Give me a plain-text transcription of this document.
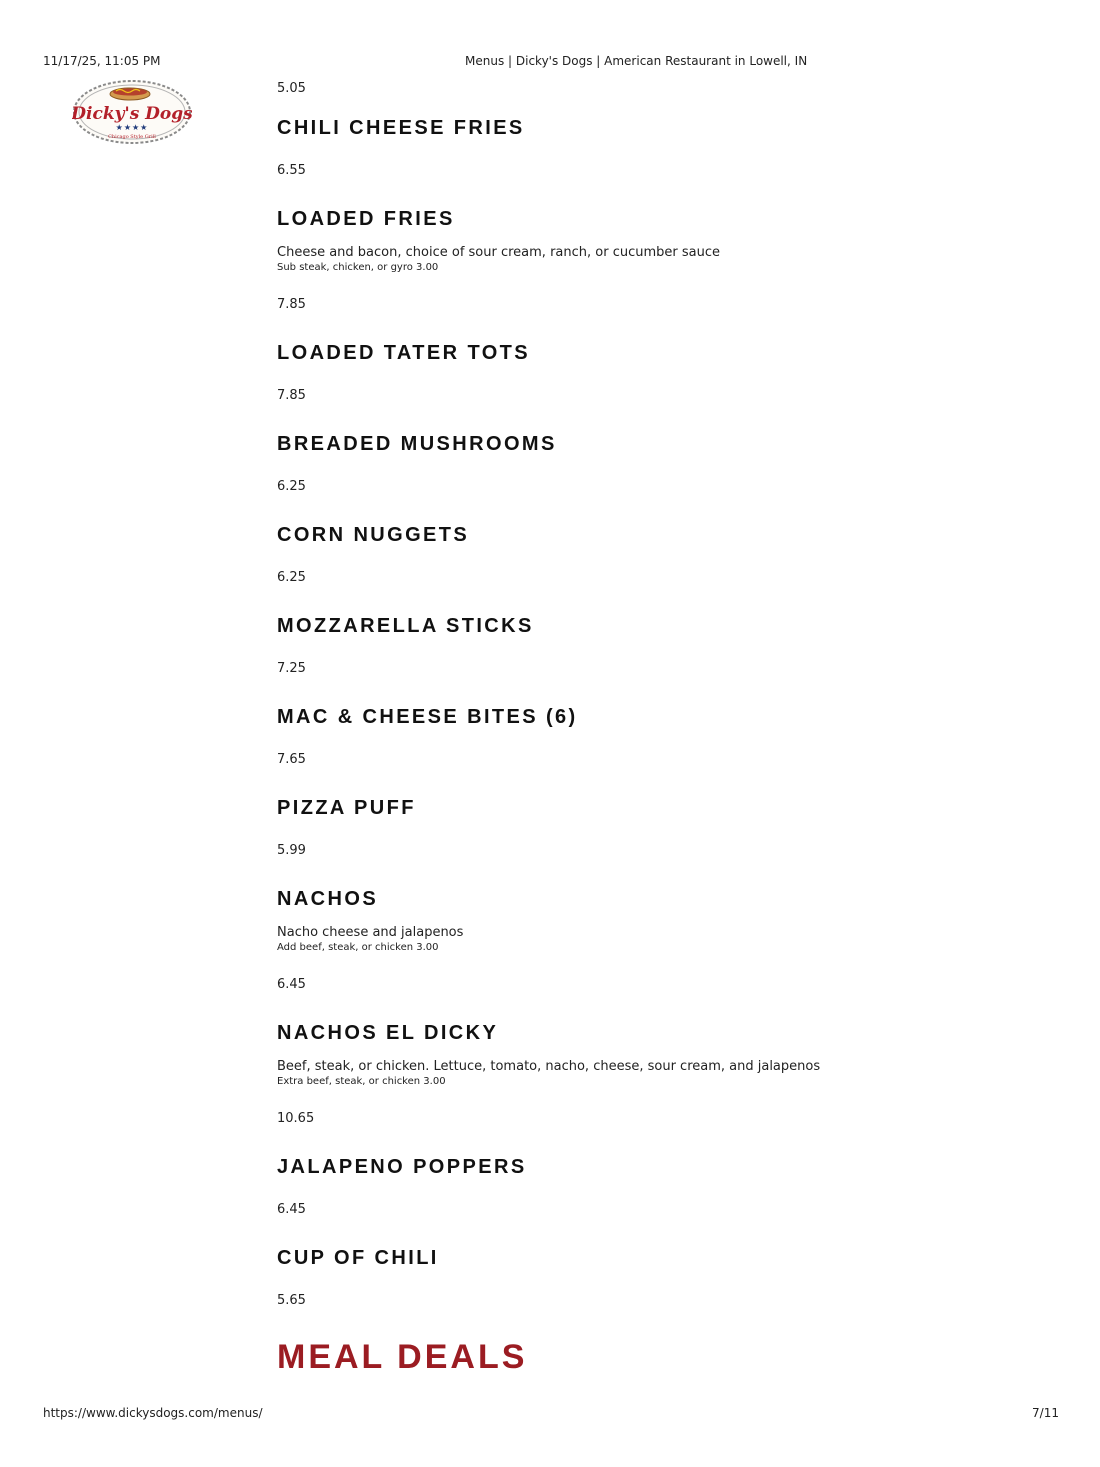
11/17/25, 11:05 PM	Menus | Dicky's Dogs | American Restaurant in Lowell, IN
Dicky's Dogs
★★★★
Chicago Style Grill
5.05
CHILI CHEESE FRIES
6.55
LOADED FRIES
Cheese and bacon, choice of sour cream, ranch, or cucumber sauce
Sub steak, chicken, or gyro 3.00
7.85
LOADED TATER TOTS
7.85
BREADED MUSHROOMS
6.25
CORN NUGGETS
6.25
MOZZARELLA STICKS
7.25
MAC & CHEESE BITES (6)
7.65
PIZZA PUFF
5.99
NACHOS
Nacho cheese and jalapenos
Add beef, steak, or chicken 3.00
6.45
NACHOS EL DICKY
Beef, steak, or chicken. Lettuce, tomato, nacho, cheese, sour cream, and jalapenos
Extra beef, steak, or chicken 3.00
10.65
JALAPENO POPPERS
6.45
CUP OF CHILI
5.65
MEAL DEALS
https://www.dickysdogs.com/menus/	7/11
